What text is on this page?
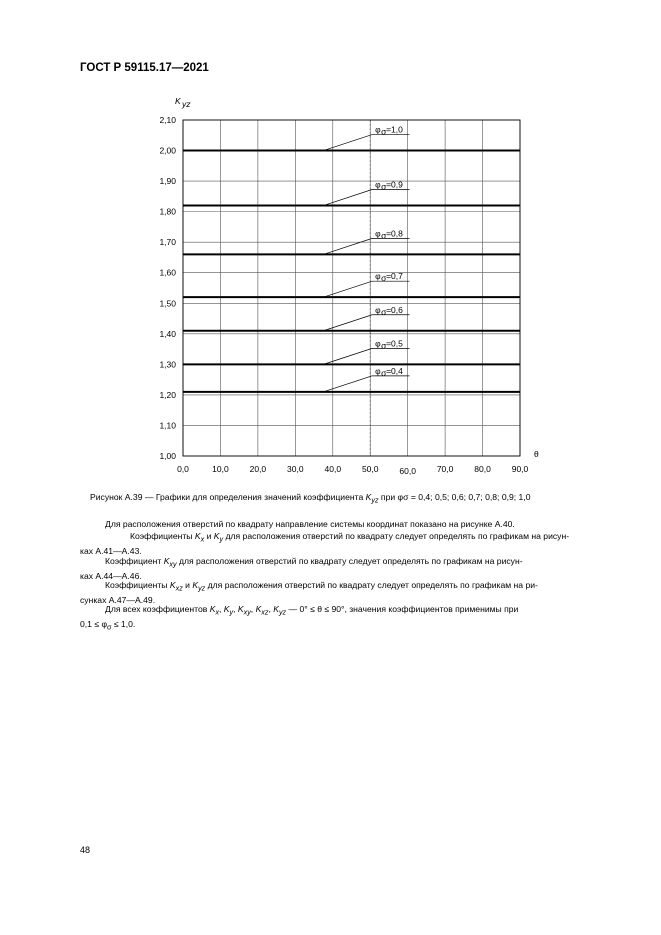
ГОСТ Р 59115.17—2021
1,00
1,10
1,20
1,30
1,40
1,50
1,60
1,70
1,80
1,90
2,00
2,10
0,0	10,0 20,0 30,0 40,0 50,0 60,0 70,0 80,0 90,0
K yz
θ
φ σ =1,0
φ σ =0,9
φ σ =0,8
φ σ =0,7
φ σ =0,6
φ σ =0,5
φ σ =0,4
Рисунок А.39 — Графики для определения значений коэффициента $K_{yz}$ при φσ = 0,4; 0,5; 0,6; 0,7; 0,8; 0,9; 1,0
Для расположения отверстий по квадрату направление системы координат показано на рисунке А.40.
Коэффициенты $K_x$ и $K_y$ для расположения отверстий по квадрату следует определять по графикам на рисун-
ках А.41—А.43.
Коэффициент $K_{xy}$ для расположения отверстий по квадрату следует определять по графикам на рисун-
ках А.44—А.46.
Коэффициенты $K_{xz}$ и $K_{yz}$ для расположения отверстий по квадрату следует определять по графикам на ри-
сунках А.47—А.49.
Для всех коэффициентов $K_x$, $K_y$, $K_{xy}$, $K_{xz}$, $K_{yz}$ — 0° ≤ θ ≤ 90°, значения коэффициентов применимы при
$0,1 \le \varphi_\sigma \le 1,0$.
48
